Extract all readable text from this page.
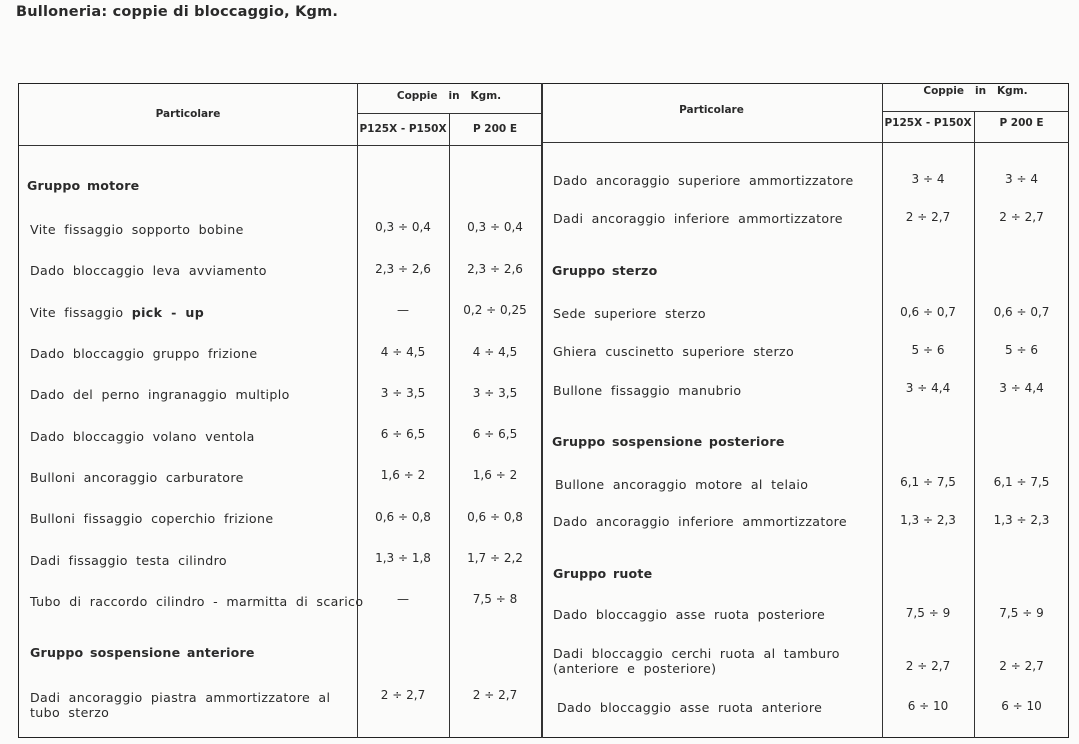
Bulloneria: coppie di bloccaggio, Kgm.
Particolare
Coppie   in   Kgm.
P125X - P150X	P 200 E
Particolare
Coppie   in   Kgm.
P125X - P150X	P 200 E
Gruppo motore
Vite fissaggio sopporto bobine	0,3 ÷ 0,4	0,3 ÷ 0,4
Dado bloccaggio leva avviamento	2,3 ÷ 2,6	2,3 ÷ 2,6
Vite fissaggio pick - up	—	0,2 ÷ 0,25
Dado bloccaggio gruppo frizione	4 ÷ 4,5	4 ÷ 4,5
Dado del perno ingranaggio multiplo	3 ÷ 3,5	3 ÷ 3,5
Dado bloccaggio volano ventola	6 ÷ 6,5	6 ÷ 6,5
Bulloni ancoraggio carburatore	1,6 ÷ 2	1,6 ÷ 2
Bulloni fissaggio coperchio frizione	0,6 ÷ 0,8	0,6 ÷ 0,8
Dadi fissaggio testa cilindro	1,3 ÷ 1,8	1,7 ÷ 2,2
Tubo di raccordo cilindro - marmitta di scarico	—	7,5 ÷ 8
Gruppo sospensione anteriore
Dadi ancoraggio piastra ammortizzatore al tubo sterzo
2 ÷ 2,7	2 ÷ 2,7
Dado ancoraggio superiore ammortizzatore	3 ÷ 4	3 ÷ 4
Dadi ancoraggio inferiore ammortizzatore	2 ÷ 2,7	2 ÷ 2,7
Gruppo sterzo
Sede superiore sterzo	0,6 ÷ 0,7	0,6 ÷ 0,7
Ghiera cuscinetto superiore sterzo	5 ÷ 6	5 ÷ 6
Bullone fissaggio manubrio	3 ÷ 4,4	3 ÷ 4,4
Gruppo sospensione posteriore
Bullone ancoraggio motore al telaio	6,1 ÷ 7,5	6,1 ÷ 7,5
Dado ancoraggio inferiore ammortizzatore	1,3 ÷ 2,3	1,3 ÷ 2,3
Gruppo ruote
Dado bloccaggio asse ruota posteriore	7,5 ÷ 9	7,5 ÷ 9
Dadi bloccaggio cerchi ruota al tamburo (anteriore e posteriore)	2 ÷ 2,7	2 ÷ 2,7
Dado bloccaggio asse ruota anteriore	6 ÷ 10	6 ÷ 10
